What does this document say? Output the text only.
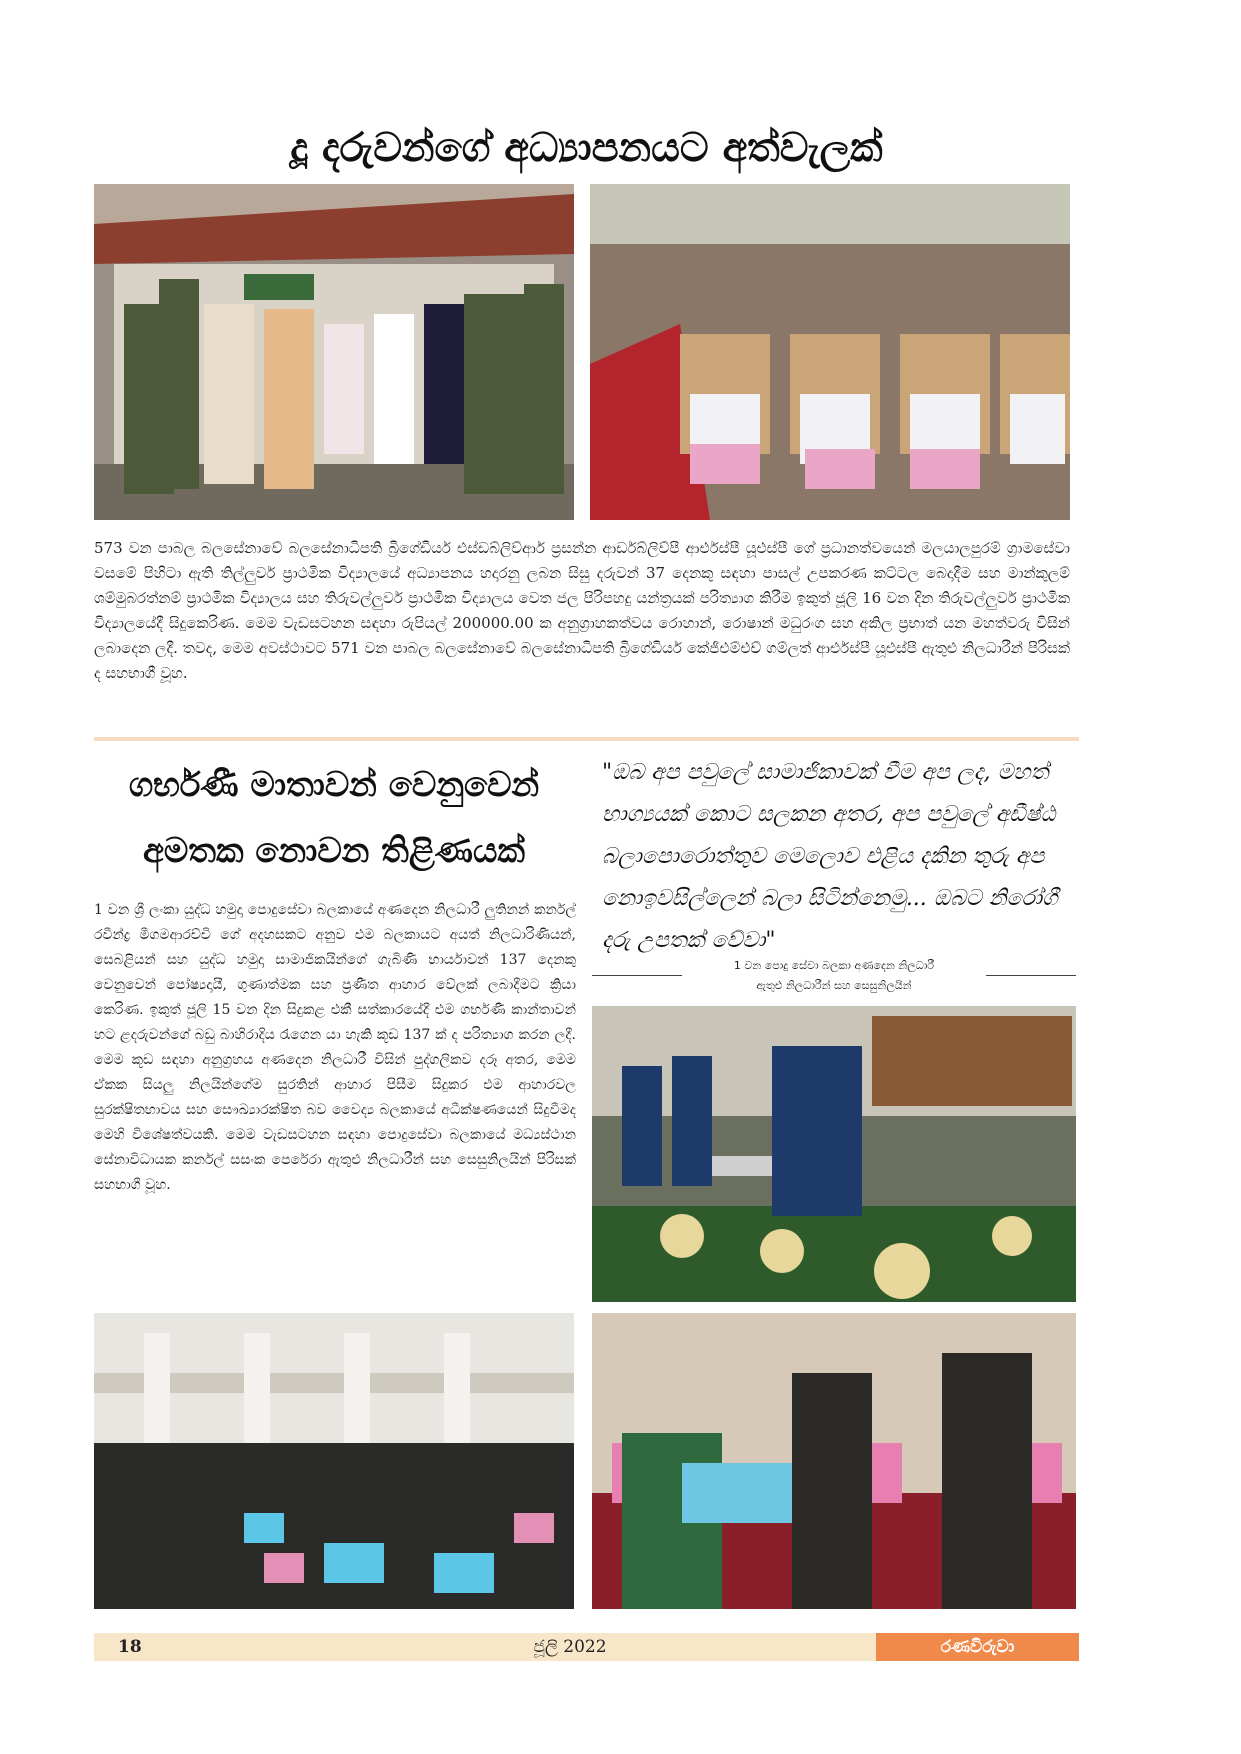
දූ දරුවන්ගේ අධ්‍යාපනයට අත්වැලක්
573 වන පාබල බලසේනාවේ බලසේනාධිපති බ්‍රිගේඩියර් එස්ඩබ්ලිව්ආර් ප්‍රසන්න ආර්ඩබ්ලිව්පී ආර්එස්පී යූඑස්පී ගේ ප්‍රධානත්වයෙන් මලයාලපුරම් ග්‍රාමසේවා වසමේ පිහිටා ඇති තිල්ලුවර් ප්‍රාථමික විද්‍යාලයේ අධ්‍යාපනය හදාරනු ලබන සිසු දරුවන් 37 දෙනකු සඳහා පාසල් උපකරණ කට්ටල බෙදාදීම සහ මාන්කුලම් ශම්මුබරත්නම් ප්‍රාථමික විද්‍යාලය සහ තිරුවල්ලුවර් ප්‍රාථමික විද්‍යාලය වෙත ජල පිරිපහදු යන්ත්‍රයක් පරිත්‍යාග කිරීම ඉකුත් ජූලි 16 වන දින තිරුවල්ලුවර් ප්‍රාථමික විද්‍යාලයේදී සිදුකෙරිණ. මෙම වැඩසටහන සඳහා රුපියල් 200000.00 ක අනුග්‍රාහකත්වය රොහාන්, රොෂාන් මධුරංග සහ අකිල ප්‍රභාත් යන මහත්වරු විසින් ලබාදෙන ලදී. තවද, මෙම අවස්ථාවට 571 වන පාබල බලසේනාවේ බලසේනාධිපති බ්‍රිගේඩියර් කේජීඑම්එච් ගම්ලත් ආර්එස්පී යූඑස්පී ඇතුළු නිලධාරීන් පිරිසක් ද සහභාගී වූහ.
ගර්භණී මාතාවන් වෙනුවෙන්
අමතක නොවන තිළිණයක්
1 වන ශ්‍රී ලංකා යුද්ධ හමුදා පොදුසේවා බලකායේ අණදෙන නිලධාරී ලුතිනන් කර්නල් රවීන්ද්‍ර මීගමආරච්චි ගේ අදහසකට අනුව එම බලකායට අයත් නිලධාරිණියන්, සෙබළියන් සහ යුද්ධ හමුදා සාමාජිකයින්ගේ ගැබිණි භාර්යාවන් 137 දෙනකු වෙනුවෙන් පෝෂ්‍යදායී, ගුණාත්මක සහ ප්‍රණීත ආහාර වේලක් ලබාදීමට ක්‍රියා කෙරිණ. ඉකුත් ජූලි 15 වන දින සිදුකළ එකී සත්කාරයේදී එම ගර්භණී කාන්තාවන් හට ළදරුවන්ගේ බඩු බාහිරාදිය රැගෙන යා හැකි කූඩ 137 ක් ද පරිත්‍යාග කරන ලදී. මෙම කූඩ සඳහා අනුග්‍රහය අණදෙන නිලධාරී විසින් පුද්ගලිකව දරූ අතර, මෙම ඒකක සියලු නිලයින්ගේම සුරතින් ආහාර පිසීම සිදුකර එම ආහාරවල සුරක්ෂිතභාවය සහ සෞඛ්‍යාරක්ෂිත බව වෛද්‍ය බලකායේ අධීක්ෂණයෙන් සිදුවීමද මෙහි විශේෂත්වයකි. මෙම වැඩසටහන සඳහා පොදුසේවා බලකායේ මධ්‍යස්ථාන සේනාවිධායක කර්නල් සසංක පෙරේරා ඇතුළු නිලධාරීන් සහ සෙසුනිලයින් පිරිසක් සහභාගී වූහ.
"ඔබ අප පවුලේ සාමාජිකාවක් වීම අප ලද, මහත් භාග්‍යයක් කොට සලකන අතර, අප පවුලේ අඩීෂ්ඨ බලාපොරොත්තුව මෙලොව එළිය දකින තුරු අප නොඉවසිල්ලෙන් බලා සිටින්නෙමු... ඔබට නිරෝගී දරු උපතක් වේවා"
1 වන පොදු සේවා බලකා අණදෙන නිලධාරී
ඇතුළු නිලධාරීන් සහ සෙසුනිලයින්
18	ජූලි 2022	රණවිරුවා
